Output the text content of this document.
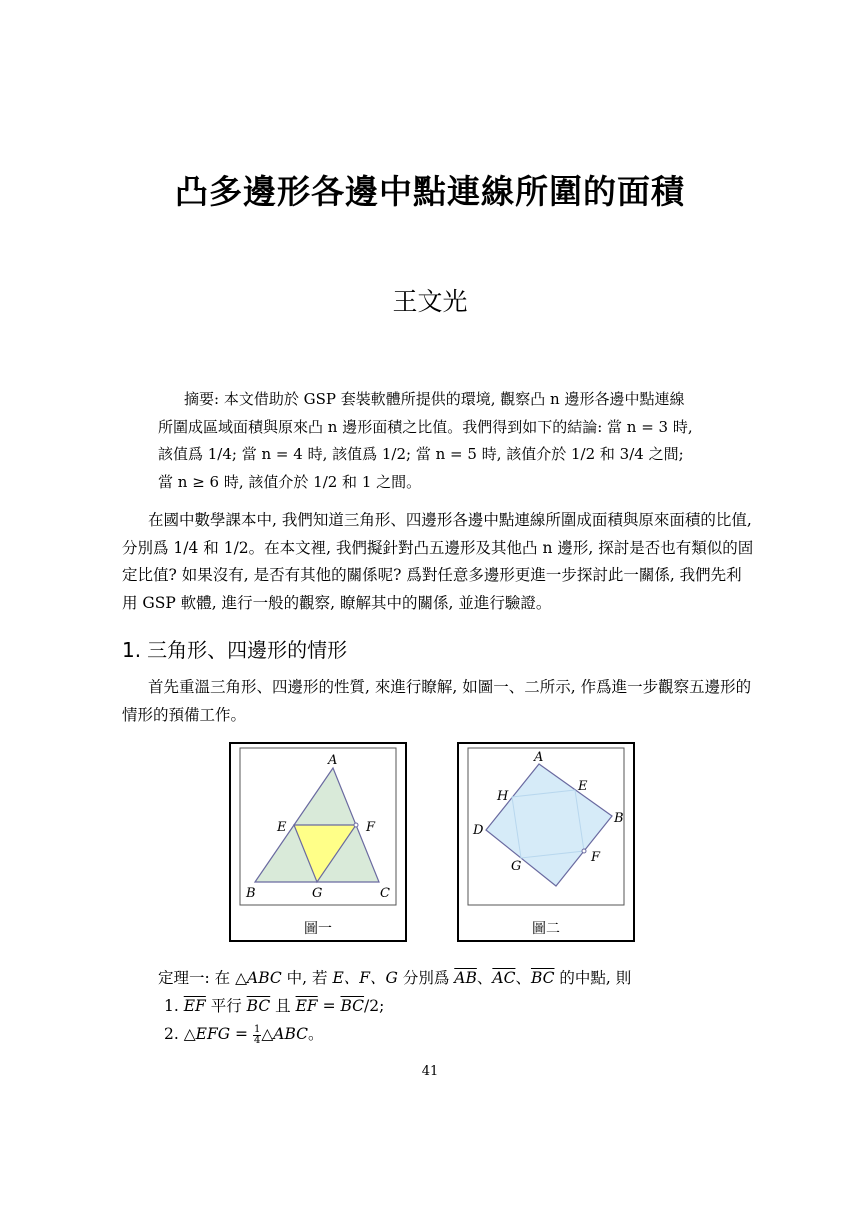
凸多邊形各邊中點連線所圍的面積
王文光
摘要: 本文借助於 GSP 套裝軟體所提供的環境, 觀察凸 n 邊形各邊中點連線
所圍成區域面積與原來凸 n 邊形面積之比值。我們得到如下的結論: 當 n = 3 時,
該值爲 1/4; 當 n = 4 時, 該值爲 1/2; 當 n = 5 時, 該值介於 1/2 和 3/4 之間;
當 n ≥ 6 時, 該值介於 1/2 和 1 之間。
在國中數學課本中, 我們知道三角形、四邊形各邊中點連線所圍成面積與原來面積的比值,
分別爲 1/4 和 1/2。在本文裡, 我們擬針對凸五邊形及其他凸 n 邊形, 探討是否也有類似的固
定比值? 如果沒有, 是否有其他的關係呢? 爲對任意多邊形更進一步探討此一關係, 我們先利
用 GSP 軟體, 進行一般的觀察, 瞭解其中的關係, 並進行驗證。
1. 三角形、四邊形的情形
首先重溫三角形、四邊形的性質, 來進行瞭解, 如圖一、二所示, 作爲進一步觀察五邊形的
情形的預備工作。
A
B	C
E	F
G
圖一
A
B
D
E
F
G
H
圖二
定理一: 在 △ABC 中, 若 E、F、G 分別爲 $\overline{AB}$、$\overline{AC}$、$\overline{BC}$ 的中點, 則
1. $\overline{EF}$ 平行 $\overline{BC}$ 且 $\overline{EF} = \overline{BC}/2$;
2. △EFG = $\frac{1}{4}$ △ABC。
41
